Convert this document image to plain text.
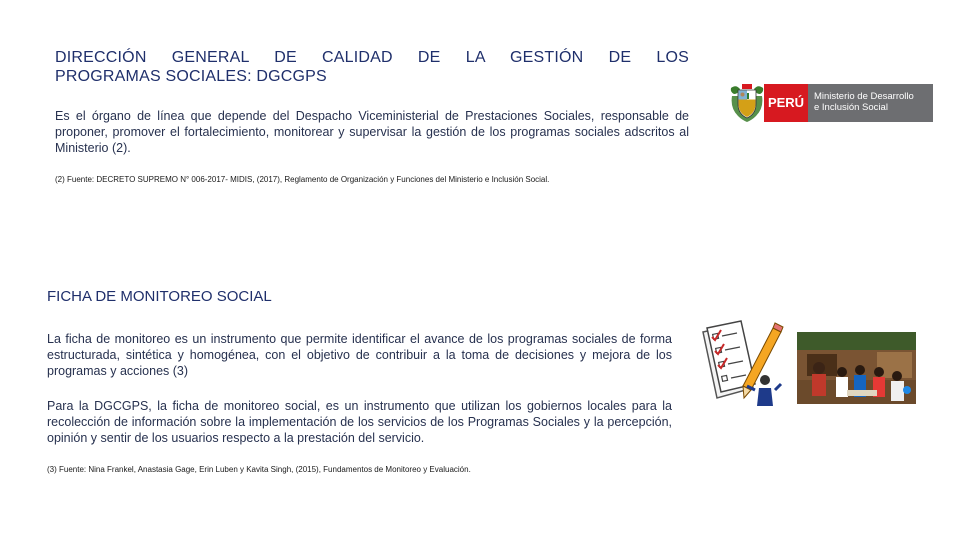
DIRECCIÓN GENERAL DE CALIDAD DE LA GESTIÓN DE LOS
PROGRAMAS SOCIALES: DGCGPS
Es el órgano de línea que depende del Despacho Viceministerial de Prestaciones Sociales, responsable de proponer, promover el fortalecimiento, monitorear y supervisar la gestión de los programas sociales adscritos al Ministerio (2).
(2) Fuente: DECRETO SUPREMO N° 006-2017- MIDIS, (2017), Reglamento de Organización y Funciones del Ministerio e Inclusión Social.
PERÚ	Ministerio de Desarrollo
e Inclusión Social
FICHA DE MONITOREO SOCIAL
La ficha de monitoreo es un instrumento que permite identificar el avance de los programas sociales de forma estructurada, sintética y homogénea, con el objetivo de contribuir a la toma de decisiones y mejora de los programas y acciones (3)
Para la DGCGPS, la ficha de monitoreo social, es un instrumento que utilizan los gobiernos locales para la recolección de información sobre la implementación de los servicios de los Programas Sociales y la percepción, opinión y sentir de los usuarios respecto a la prestación del servicio.
(3) Fuente: Nina Frankel, Anastasia Gage, Erin Luben y Kavita Singh, (2015), Fundamentos de Monitoreo y Evaluación.
